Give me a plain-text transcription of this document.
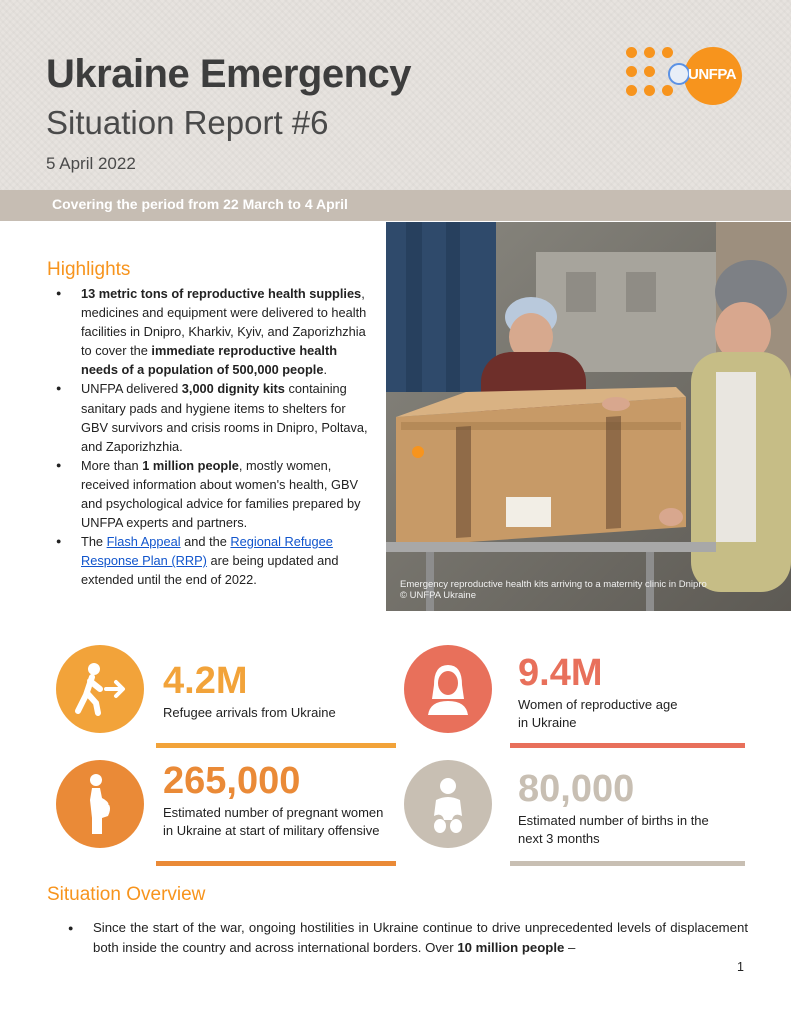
Ukraine Emergency
Situation Report #6
5 April 2022
UNFPA
Covering the period from 22 March to 4 April
Emergency reproductive health kits arriving to a maternity clinic in Dnipro
© UNFPA Ukraine
Highlights
● 13 metric tons of reproductive health supplies, medicines and equipment were delivered to health facilities in Dnipro, Kharkiv, Kyiv, and Zaporizhzhia to cover the immediate reproductive health needs of a population of 500,000 people.
● UNFPA delivered 3,000 dignity kits containing sanitary pads and hygiene items to shelters for GBV survivors and crisis rooms in Dnipro, Poltava, and Zaporizhzhia.
● More than 1 million people, mostly women, received information about women's health, GBV and psychological advice for families prepared by UNFPA experts and partners.
● The Flash Appeal and the Regional Refugee Response Plan (RRP) are being updated and extended until the end of 2022.
4.2M
Refugee arrivals from Ukraine
9.4M
Women of reproductive age in Ukraine
265,000
Estimated number of pregnant women in Ukraine at start of military offensive
80,000
Estimated number of births in the next 3 months
Situation Overview
● Since the start of the war, ongoing hostilities in Ukraine continue to drive unprecedented levels of displacement both inside the country and across international borders. Over 10 million people –

1
